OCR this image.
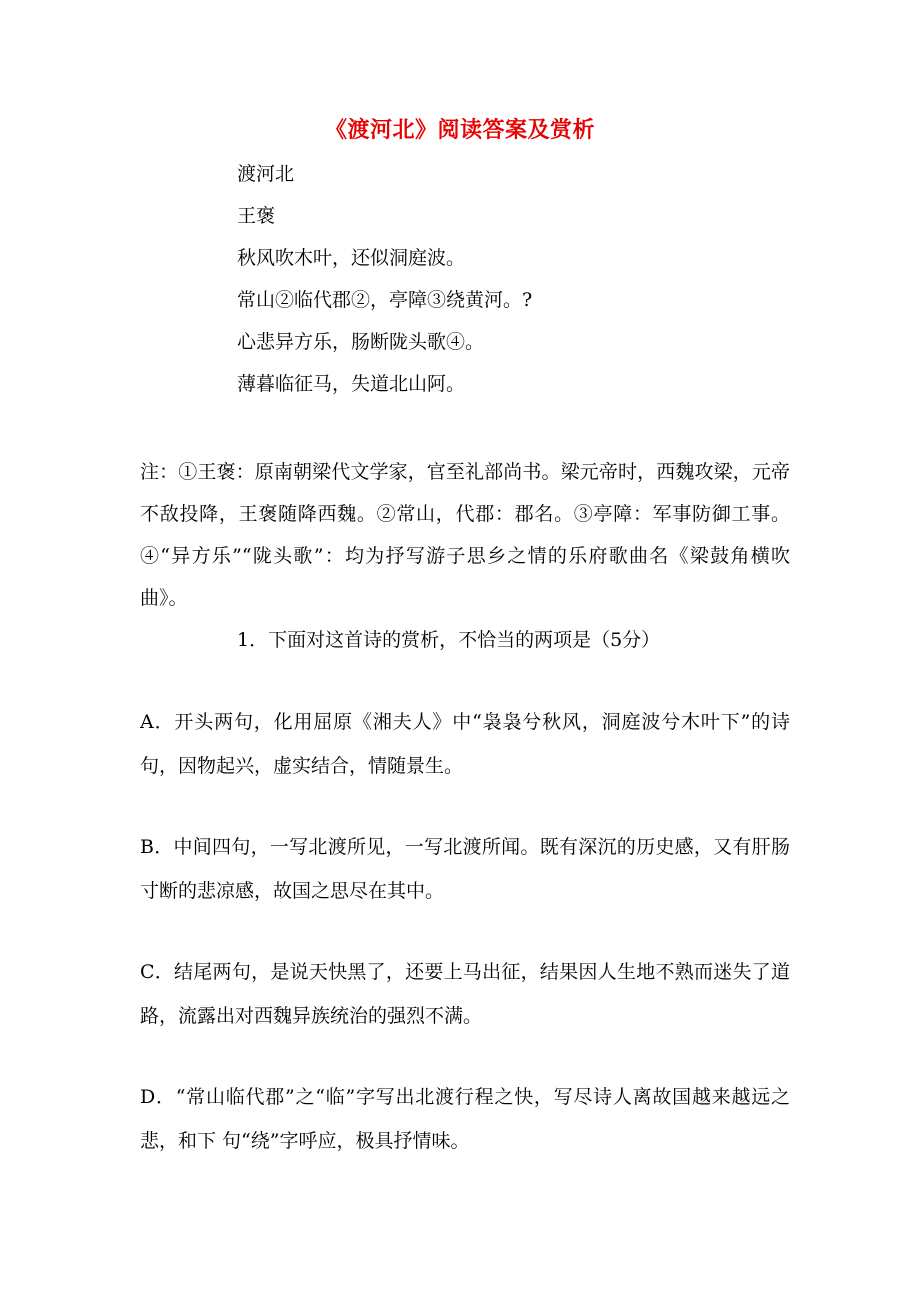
《渡河北》阅读答案及赏析
渡河北
王褒
秋风吹木叶，还似洞庭波。
常山②临代郡②，亭障③绕黄河。?
心悲异方乐，肠断陇头歌④。
薄暮临征马，失道北山阿。
注：①王褒：原南朝梁代文学家，官至礼部尚书。梁元帝时，西魏攻梁，元帝不敌投降，王褒随降西魏。②常山，代郡：郡名。③亭障：军事防御工事。④“异方乐”“陇头歌”：均为抒写游子思乡之情的乐府歌曲名《梁鼓角横吹曲》。
1．下面对这首诗的赏析，不恰当的两项是（5分）
A．开头两句，化用屈原《湘夫人》中“袅袅兮秋风，洞庭波兮木叶下”的诗句，因物起兴，虚实结合，情随景生。
B．中间四句，一写北渡所见，一写北渡所闻。既有深沉的历史感，又有肝肠寸断的悲凉感，故国之思尽在其中。
C．结尾两句，是说天快黑了，还要上马出征，结果因人生地不熟而迷失了道路，流露出对西魏异族统治的强烈不满。
D．“常山临代郡”之“临”字写出北渡行程之快，写尽诗人离故国越来越远之悲，和下 句“绕”字呼应，极具抒情味。
